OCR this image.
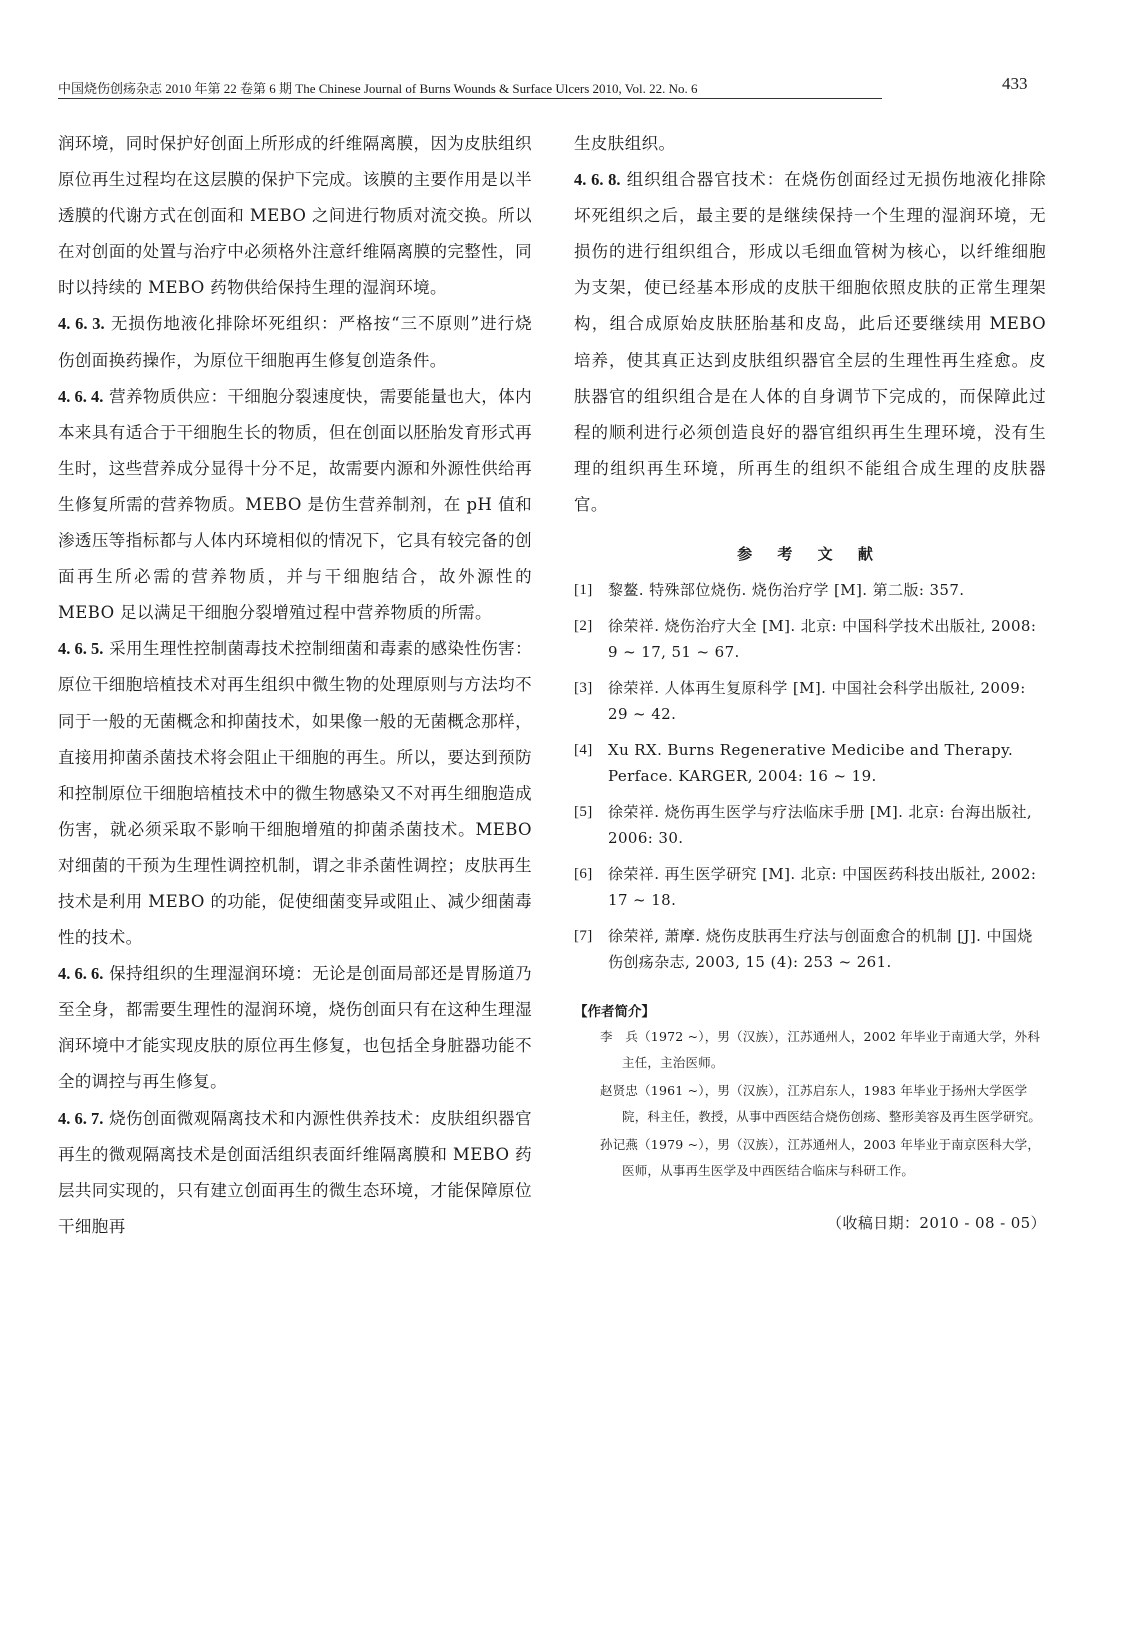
中国烧伤创疡杂志 2010 年第 22 卷第 6 期 The Chinese Journal of Burns Wounds & Surface Ulcers 2010, Vol. 22. No. 6	433

润环境，同时保护好创面上所形成的纤维隔离膜，因为皮肤组织原位再生过程均在这层膜的保护下完成。该膜的主要作用是以半透膜的代谢方式在创面和 MEBO 之间进行物质对流交换。所以在对创面的处置与治疗中必须格外注意纤维隔离膜的完整性，同时以持续的 MEBO 药物供给保持生理的湿润环境。

4. 6. 3. 无损伤地液化排除坏死组织：严格按“三不原则”进行烧伤创面换药操作，为原位干细胞再生修复创造条件。

4. 6. 4. 营养物质供应：干细胞分裂速度快，需要能量也大，体内本来具有适合于干细胞生长的物质，但在创面以胚胎发育形式再生时，这些营养成分显得十分不足，故需要内源和外源性供给再生修复所需的营养物质。MEBO 是仿生营养制剂，在 pH 值和渗透压等指标都与人体内环境相似的情况下，它具有较完备的创面再生所必需的营养物质，并与干细胞结合，故外源性的 MEBO 足以满足干细胞分裂增殖过程中营养物质的所需。

4. 6. 5. 采用生理性控制菌毒技术控制细菌和毒素的感染性伤害：原位干细胞培植技术对再生组织中微生物的处理原则与方法均不同于一般的无菌概念和抑菌技术，如果像一般的无菌概念那样，直接用抑菌杀菌技术将会阻止干细胞的再生。所以，要达到预防和控制原位干细胞培植技术中的微生物感染又不对再生细胞造成伤害，就必须采取不影响干细胞增殖的抑菌杀菌技术。MEBO 对细菌的干预为生理性调控机制，谓之非杀菌性调控；皮肤再生技术是利用 MEBO 的功能，促使细菌变异或阻止、减少细菌毒性的技术。

4. 6. 6. 保持组织的生理湿润环境：无论是创面局部还是胃肠道乃至全身，都需要生理性的湿润环境，烧伤创面只有在这种生理湿润环境中才能实现皮肤的原位再生修复，也包括全身脏器功能不全的调控与再生修复。

4. 6. 7. 烧伤创面微观隔离技术和内源性供养技术：皮肤组织器官再生的微观隔离技术是创面活组织表面纤维隔离膜和 MEBO 药层共同实现的，只有建立创面再生的微生态环境，才能保障原位干细胞再

生皮肤组织。

4. 6. 8. 组织组合器官技术：在烧伤创面经过无损伤地液化排除坏死组织之后，最主要的是继续保持一个生理的湿润环境，无损伤的进行组织组合，形成以毛细血管树为核心，以纤维细胞为支架，使已经基本形成的皮肤干细胞依照皮肤的正常生理架构，组合成原始皮肤胚胎基和皮岛，此后还要继续用 MEBO 培养，使其真正达到皮肤组织器官全层的生理性再生痊愈。皮肤器官的组织组合是在人体的自身调节下完成的，而保障此过程的顺利进行必须创造良好的器官组织再生生理环境，没有生理的组织再生环境，所再生的组织不能组合成生理的皮肤器官。

参 考 文 献
[1]	黎鳌. 特殊部位烧伤. 烧伤治疗学 [M]. 第二版: 357.
[2]	徐荣祥. 烧伤治疗大全 [M]. 北京: 中国科学技术出版社, 2008: 9 ~ 17, 51 ~ 67.
[3]	徐荣祥. 人体再生复原科学 [M]. 中国社会科学出版社, 2009: 29 ~ 42.
[4]	Xu RX. Burns Regenerative Medicibe and Therapy. Perface. KARGER, 2004: 16 ~ 19.
[5]	徐荣祥. 烧伤再生医学与疗法临床手册 [M]. 北京: 台海出版社, 2006: 30.
[6]	徐荣祥. 再生医学研究 [M]. 北京: 中国医药科技出版社, 2002: 17 ~ 18.
[7]	徐荣祥, 萧摩. 烧伤皮肤再生疗法与创面愈合的机制 [J]. 中国烧伤创疡杂志, 2003, 15 (4): 253 ~ 261.
【作者简介】
李　兵（1972 ~），男（汉族），江苏通州人，2002 年毕业于南通大学，外科主任，主治医师。
赵贤忠（1961 ~），男（汉族），江苏启东人，1983 年毕业于扬州大学医学院，科主任，教授，从事中西医结合烧伤创疡、整形美容及再生医学研究。
孙记燕（1979 ~），男（汉族），江苏通州人，2003 年毕业于南京医科大学，医师，从事再生医学及中西医结合临床与科研工作。
（收稿日期：2010 - 08 - 05）
